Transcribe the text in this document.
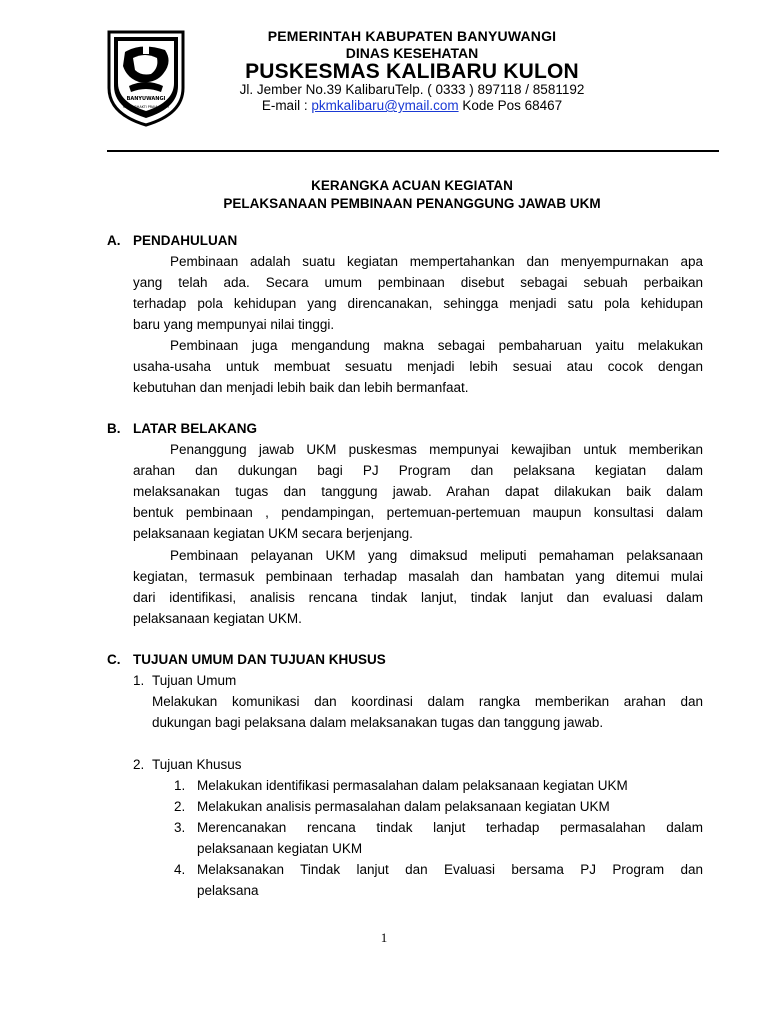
BANYUWANGI
SATYA BHAKTI PRAJA MUKTI
PEMERINTAH KABUPATEN BANYUWANGI
DINAS KESEHATAN
PUSKESMAS KALIBARU KULON
Jl. Jember No.39 KalibaruTelp. ( 0333 ) 897118 / 8581192
E-mail : pkmkalibaru@ymail.com Kode Pos 68467
KERANGKA ACUAN KEGIATAN
PELAKSANAAN PEMBINAAN PENANGGUNG JAWAB UKM
A. PENDAHULUAN
Pembinaan adalah suatu kegiatan mempertahankan dan menyempurnakan apa
yang telah ada. Secara umum pembinaan disebut sebagai sebuah perbaikan
terhadap pola kehidupan yang direncanakan, sehingga menjadi satu pola kehidupan
baru yang mempunyai nilai tinggi.
Pembinaan juga mengandung makna sebagai pembaharuan yaitu melakukan
usaha-usaha untuk membuat sesuatu menjadi lebih sesuai atau cocok dengan
kebutuhan dan menjadi lebih baik dan lebih bermanfaat.
B. LATAR BELAKANG
Penanggung jawab UKM puskesmas mempunyai kewajiban untuk memberikan
arahan dan dukungan bagi PJ Program dan pelaksana kegiatan dalam
melaksanakan tugas dan tanggung jawab. Arahan dapat dilakukan baik dalam
bentuk pembinaan , pendampingan, pertemuan-pertemuan maupun konsultasi dalam
pelaksanaan kegiatan UKM secara berjenjang.
Pembinaan pelayanan UKM yang dimaksud meliputi pemahaman pelaksanaan
kegiatan, termasuk pembinaan terhadap masalah dan hambatan yang ditemui mulai
dari identifikasi, analisis rencana tindak lanjut, tindak lanjut dan evaluasi dalam
pelaksanaan kegiatan UKM.
C. TUJUAN UMUM DAN TUJUAN KHUSUS
1. Tujuan Umum
Melakukan komunikasi dan koordinasi dalam rangka memberikan arahan dan
dukungan bagi pelaksana dalam melaksanakan tugas dan tanggung jawab.
2. Tujuan Khusus
1. Melakukan identifikasi permasalahan dalam pelaksanaan kegiatan UKM
2. Melakukan analisis permasalahan dalam pelaksanaan kegiatan UKM
3. Merencanakan rencana tindak lanjut terhadap permasalahan dalam
pelaksanaan kegiatan UKM
4. Melaksanakan Tindak lanjut dan Evaluasi bersama PJ Program dan
pelaksana
1
